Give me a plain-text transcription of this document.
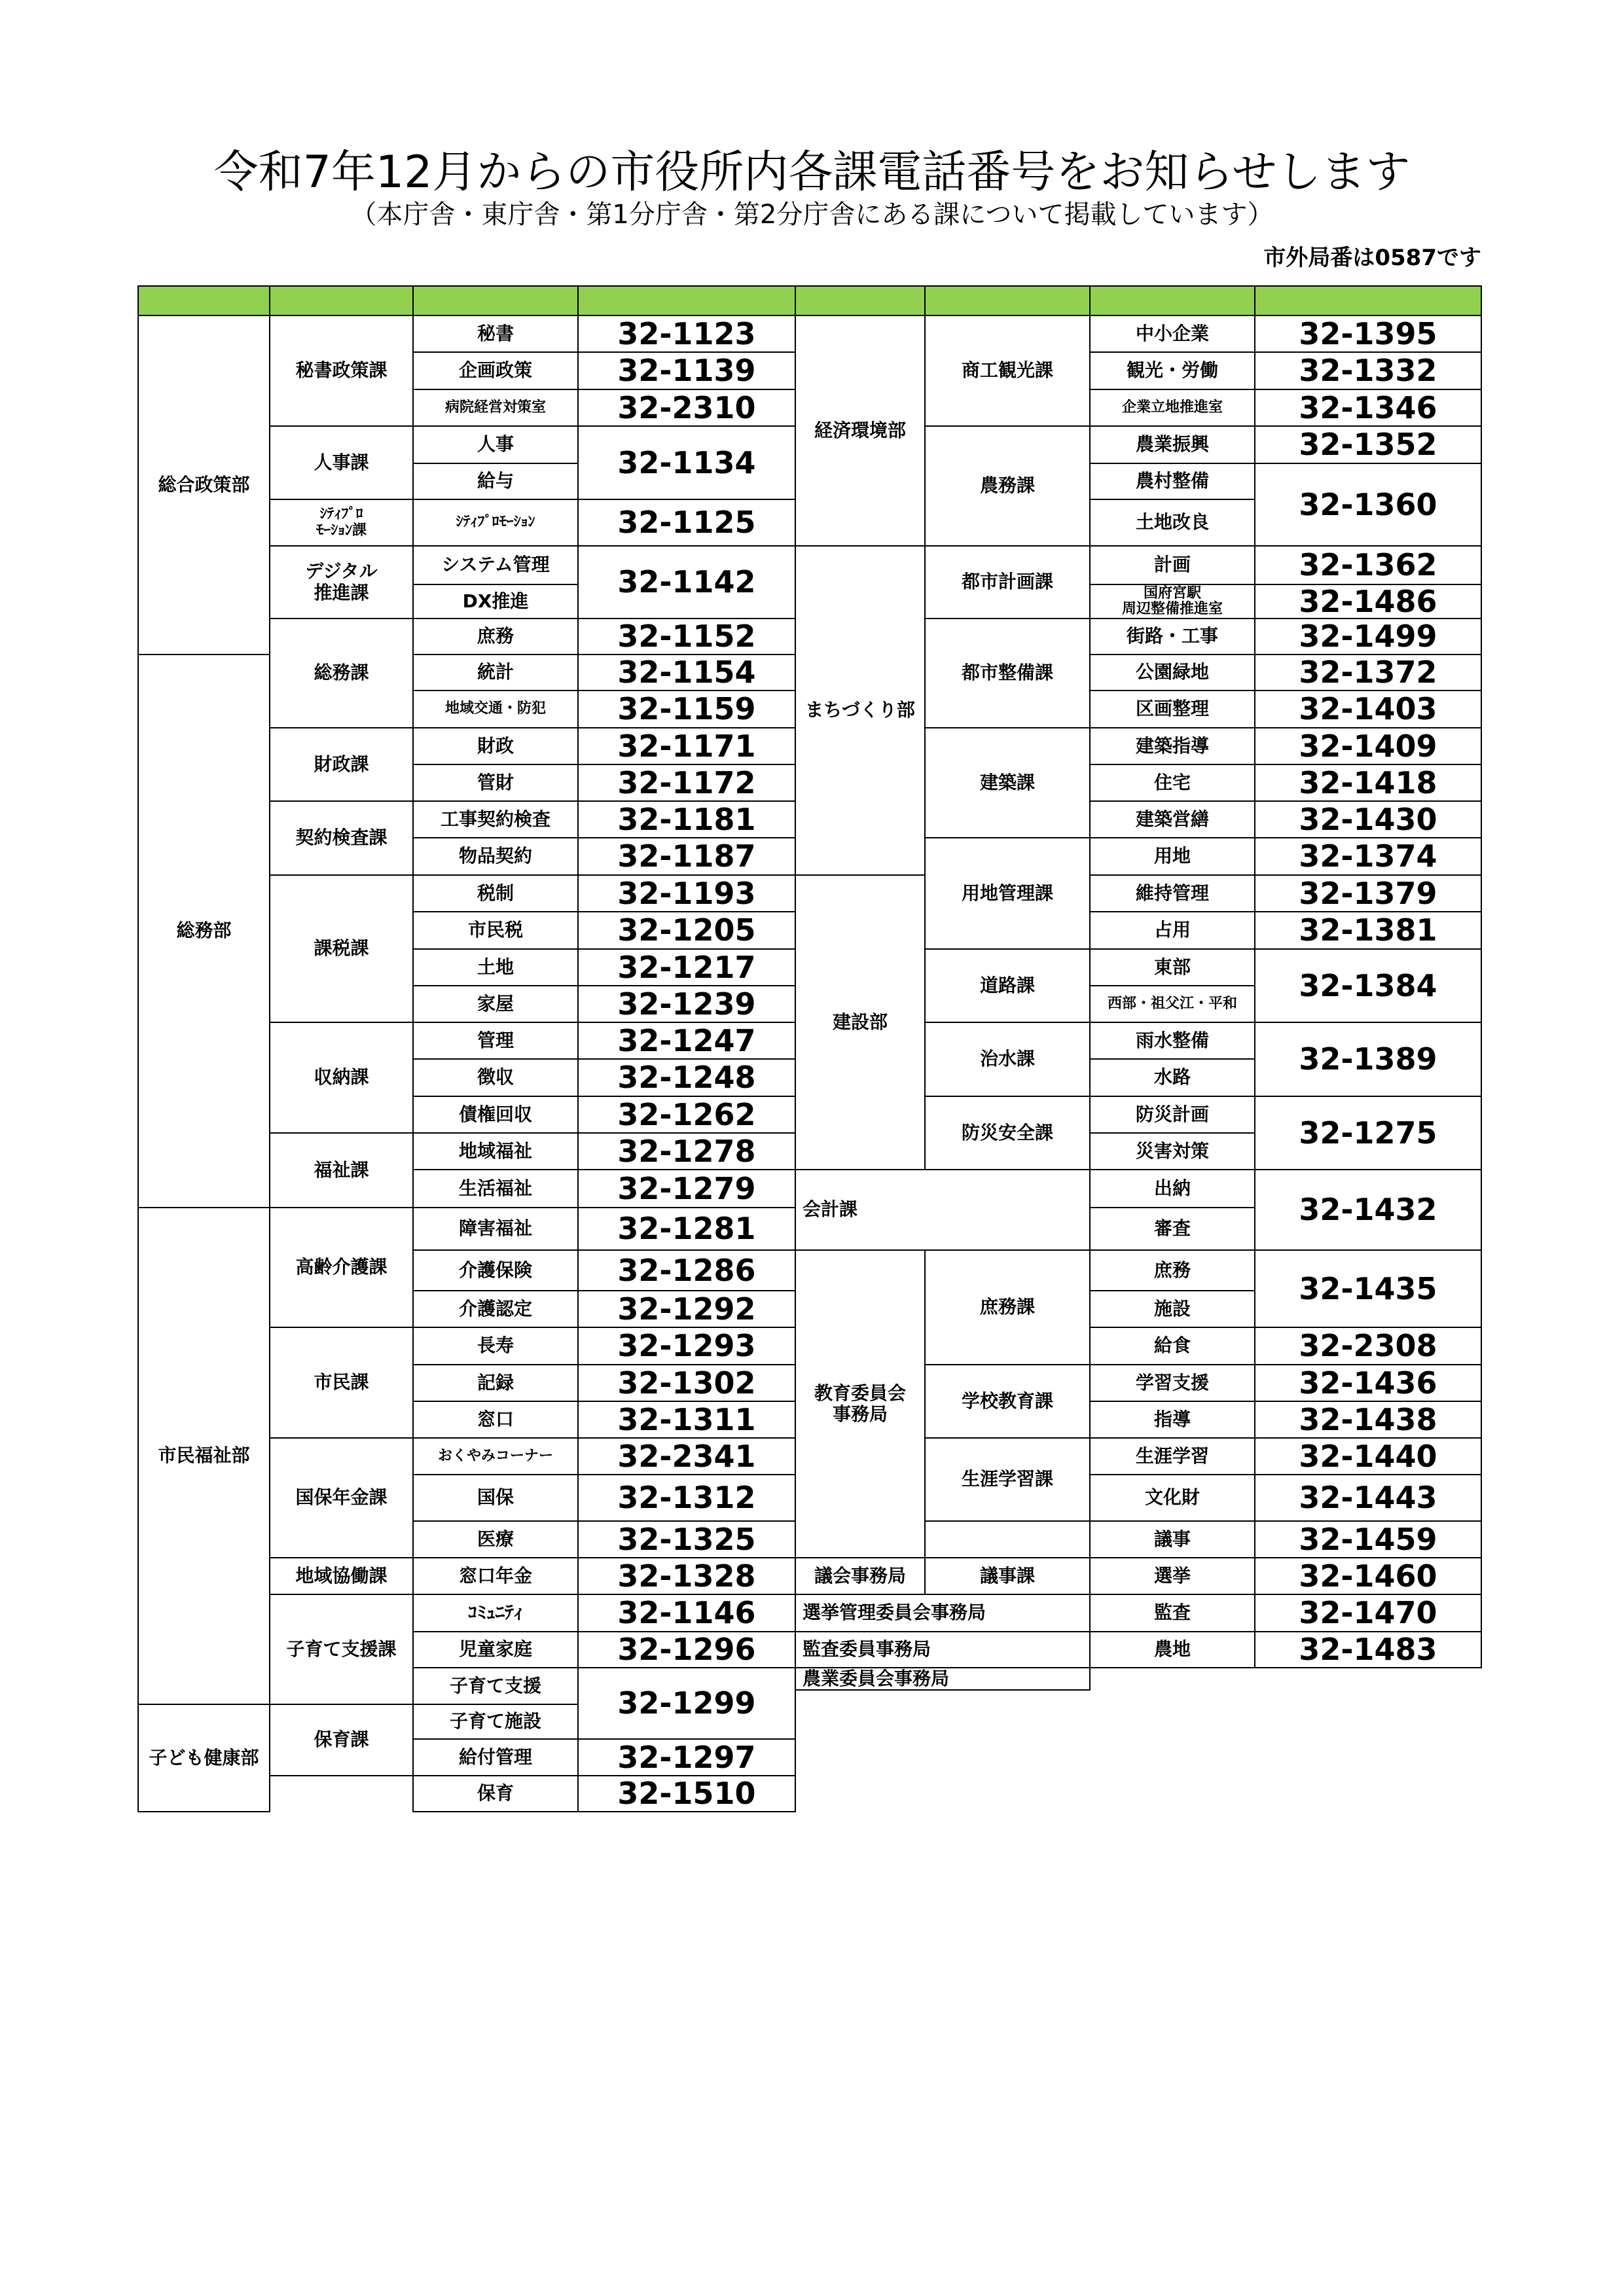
令和7年12月からの市役所内各課電話番号をお知らせします
（本庁舎・東庁舎・第1分庁舎・第2分庁舎にある課について掲載しています）
市外局番は0587です
総合政策部
総務部
市民福祉部
子ども健康部
秘書政策課
人事課
ｼﾃｨﾌﾟﾛ
ﾓｰｼｮﾝ課
デジタル
推進課
総務課
財政課
契約検査課
課税課
収納課
福祉課
高齢介護課
市民課
国保年金課
地域協働課
子育て支援課
保育課
秘書
企画政策
病院経営対策室
人事
給与
ｼﾃｨﾌﾟﾛﾓｰｼｮﾝ
システム管理
DX推進
庶務
統計
地域交通・防犯
財政
管財
工事契約検査
物品契約
税制
市民税
土地
家屋
管理
徴収
債権回収
地域福祉
生活福祉
障害福祉
介護保険
介護認定
長寿
記録
窓口
おくやみコーナー
国保
医療
窓口年金
ｺﾐｭﾆﾃｨ
児童家庭
子育て支援
子育て施設
給付管理
保育
32-1123
32-1139
32-2310
32-1134
32-1125
32-1142
32-1152
32-1154
32-1159
32-1171
32-1172
32-1181
32-1187
32-1193
32-1205
32-1217
32-1239
32-1247
32-1248
32-1262
32-1278
32-1279
32-1281
32-1286
32-1292
32-1293
32-1302
32-1311
32-2341
32-1312
32-1325
32-1328
32-1146
32-1296
32-1299
32-1297
32-1510
経済環境部
まちづくり部
建設部
会計課
教育委員会
事務局
議会事務局
選挙管理委員会事務局
監査委員事務局
農業委員会事務局
商工観光課
農務課
都市計画課
都市整備課
建築課
用地管理課
道路課
治水課
防災安全課
庶務課
学校教育課
生涯学習課
議事課
中小企業
観光・労働
企業立地推進室
農業振興
農村整備
土地改良
計画
国府宮駅
周辺整備推進室
街路・工事
公園緑地
区画整理
建築指導
住宅
建築営繕
用地
維持管理
占用
東部
西部・祖父江・平和
雨水整備
水路
防災計画
災害対策
出納
審査
庶務
施設
給食
学習支援
指導
生涯学習
文化財
議事
選挙
監査
農地
32-1395
32-1332
32-1346
32-1352
32-1360
32-1362
32-1486
32-1499
32-1372
32-1403
32-1409
32-1418
32-1430
32-1374
32-1379
32-1381
32-1384
32-1389
32-1275
32-1432
32-1435
32-2308
32-1436
32-1438
32-1440
32-1443
32-1459
32-1460
32-1470
32-1483
